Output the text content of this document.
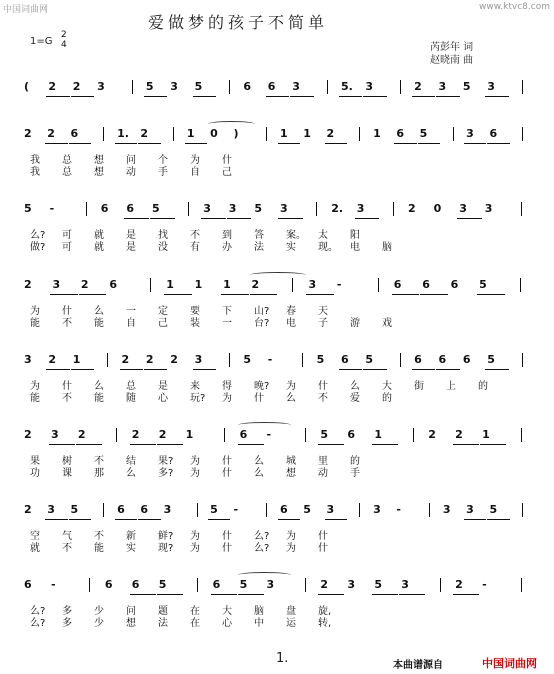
中国词曲网	www.ktvc8.com
爱做梦的孩子不简单
1=G
2
4	芮彭年 词
赵晓南 曲
( 2 2 3	5 3 5	6 6 3	5. 3	2 3 5 3
2 2 6	1. 2	1 0 )	1 1 2	1 6 5	3 6
我 总 想 问 个 为 什
我 总 想 动 手 自 己
5 -	6 6 5	3 3 5 3	2. 3	2 0 3 3
么? 可 就 是 找 不 到 答 案。 太 阳
做? 可 就 是 没 有 办 法 实 现。 电 脑
2 3 2 6	1 1 1 2	3 -	6 6 6 5
为 什 么 一 定 要 下 山? 春 天
能 不 能 自 己 装 一 台? 电 子 游 戏
3 2 1	2 2 2 3	5 -	5 6 5	6 6 6 5
为 什 么 总 是 来 得 晚? 为 什 么 大 街 上 的
能 不 能 随 心 玩? 为 什 么 不 爱 的
2 3 2	2 2 1	6 -	5 6 1	2 2 1
果 树 不 结 果? 为 什 么 城 里 的
功 课 那 么 多? 为 什 么 想 动 手
2 3 5	6 6 3	5 -	6 5 3	3 -	3 3 5
空 气 不 新 鲜? 为 什 么? 为 什
就 不 能 实 现? 为 什 么? 为 什
6 -	6 6 5	6 5 3	2 3 5 3	2 -
么? 多 少 问 题 在 大 脑 盘 旋,
么? 多 少 想 法 在 心 中 运 转,
1.	本曲谱源自	中国词曲网
